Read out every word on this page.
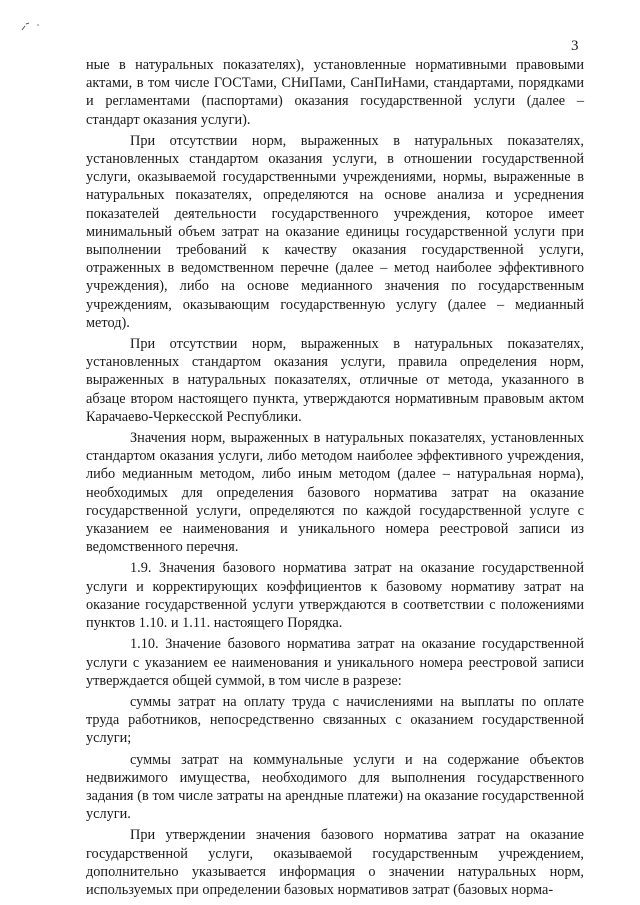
3

ные в натуральных показателях), установленные нормативными правовыми актами, в том числе ГОСТами, СНиПами, СанПиНами, стандартами, порядками и регламентами (паспортами) оказания государственной услуги (далее – стандарт оказания услуги).

При отсутствии норм, выраженных в натуральных показателях, установленных стандартом оказания услуги, в отношении государственной услуги, оказываемой государственными учреждениями, нормы, выраженные в натуральных показателях, определяются на основе анализа и усреднения показателей деятельности государственного учреждения, которое имеет минимальный объем затрат на оказание единицы государственной услуги при выполнении требований к качеству оказания государственной услуги, отраженных в ведомственном перечне (далее – метод наиболее эффективного учреждения), либо на основе медианного значения по государственным учреждениям, оказывающим государственную услугу (далее – медианный метод).

При отсутствии норм, выраженных в натуральных показателях, установленных стандартом оказания услуги, правила определения норм, выраженных в натуральных показателях, отличные от метода, указанного в абзаце втором настоящего пункта, утверждаются нормативным правовым актом Карачаево-Черкесской Республики.

Значения норм, выраженных в натуральных показателях, установленных стандартом оказания услуги, либо методом наиболее эффективного учреждения, либо медианным методом, либо иным методом (далее – натуральная норма), необходимых для определения базового норматива затрат на оказание государственной услуги, определяются по каждой государственной услуге с указанием ее наименования и уникального номера реестровой записи из ведомственного перечня.

1.9. Значения базового норматива затрат на оказание государственной услуги и корректирующих коэффициентов к базовому нормативу затрат на оказание государственной услуги утверждаются в соответствии с положениями пунктов 1.10. и 1.11. настоящего Порядка.

1.10. Значение базового норматива затрат на оказание государственной услуги с указанием ее наименования и уникального номера реестровой записи утверждается общей суммой, в том числе в разрезе:

суммы затрат на оплату труда с начислениями на выплаты по оплате труда работников, непосредственно связанных с оказанием государственной услуги;

суммы затрат на коммунальные услуги и на содержание объектов недвижимого имущества, необходимого для выполнения государственного задания (в том числе затраты на арендные платежи) на оказание государственной услуги.

При утверждении значения базового норматива затрат на оказание государственной услуги, оказываемой государственным учреждением, дополнительно указывается информация о значении натуральных норм, используемых при определении базовых нормативов затрат (базовых норма-
